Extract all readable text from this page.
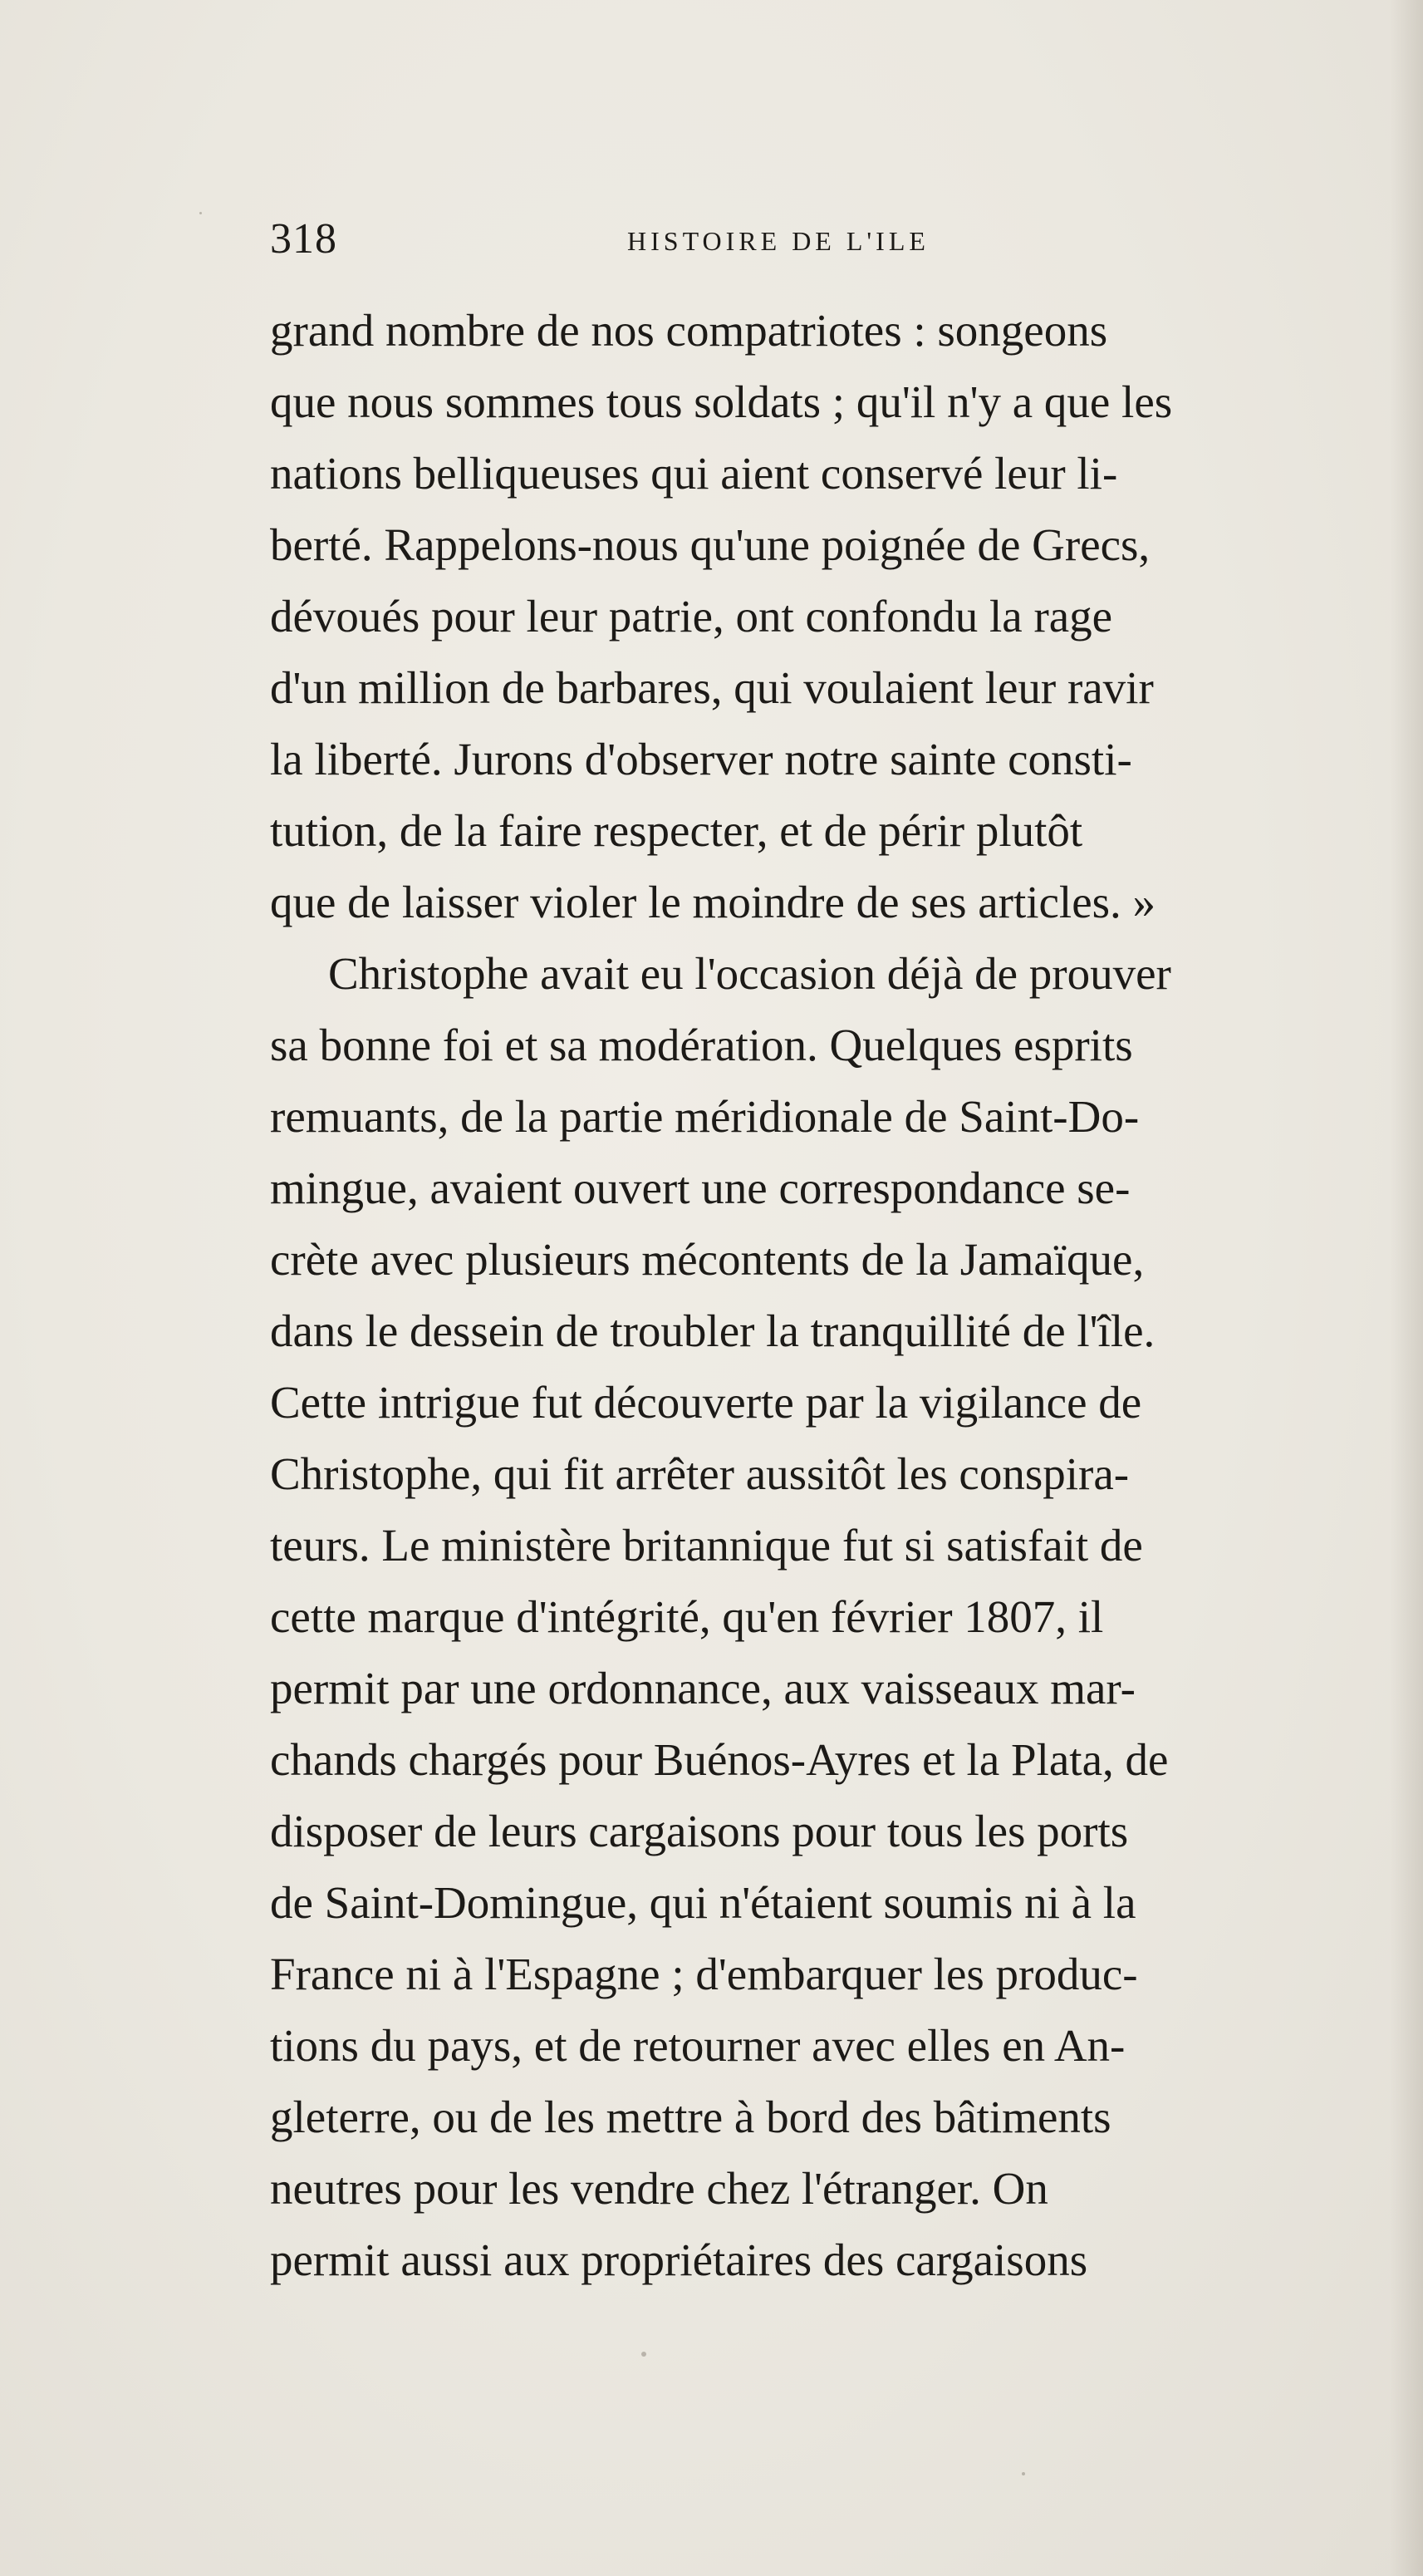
318	HISTOIRE DE L'ILE
grand nombre de nos compatriotes : songeons
que nous sommes tous soldats ; qu'il n'y a que les
nations belliqueuses qui aient conservé leur li-
berté. Rappelons-nous qu'une poignée de Grecs,
dévoués pour leur patrie, ont confondu la rage
d'un million de barbares, qui voulaient leur ravir
la liberté. Jurons d'observer notre sainte consti-
tution, de la faire respecter, et de périr plutôt
que de laisser violer le moindre de ses articles. »
Christophe avait eu l'occasion déjà de prouver
sa bonne foi et sa modération. Quelques esprits
remuants, de la partie méridionale de Saint-Do-
mingue, avaient ouvert une correspondance se-
crète avec plusieurs mécontents de la Jamaïque,
dans le dessein de troubler la tranquillité de l'île.
Cette intrigue fut découverte par la vigilance de
Christophe, qui fit arrêter aussitôt les conspira-
teurs. Le ministère britannique fut si satisfait de
cette marque d'intégrité, qu'en février 1807, il
permit par une ordonnance, aux vaisseaux mar-
chands chargés pour Buénos-Ayres et la Plata, de
disposer de leurs cargaisons pour tous les ports
de Saint-Domingue, qui n'étaient soumis ni à la
France ni à l'Espagne ; d'embarquer les produc-
tions du pays, et de retourner avec elles en An-
gleterre, ou de les mettre à bord des bâtiments
neutres pour les vendre chez l'étranger. On
permit aussi aux propriétaires des cargaisons
